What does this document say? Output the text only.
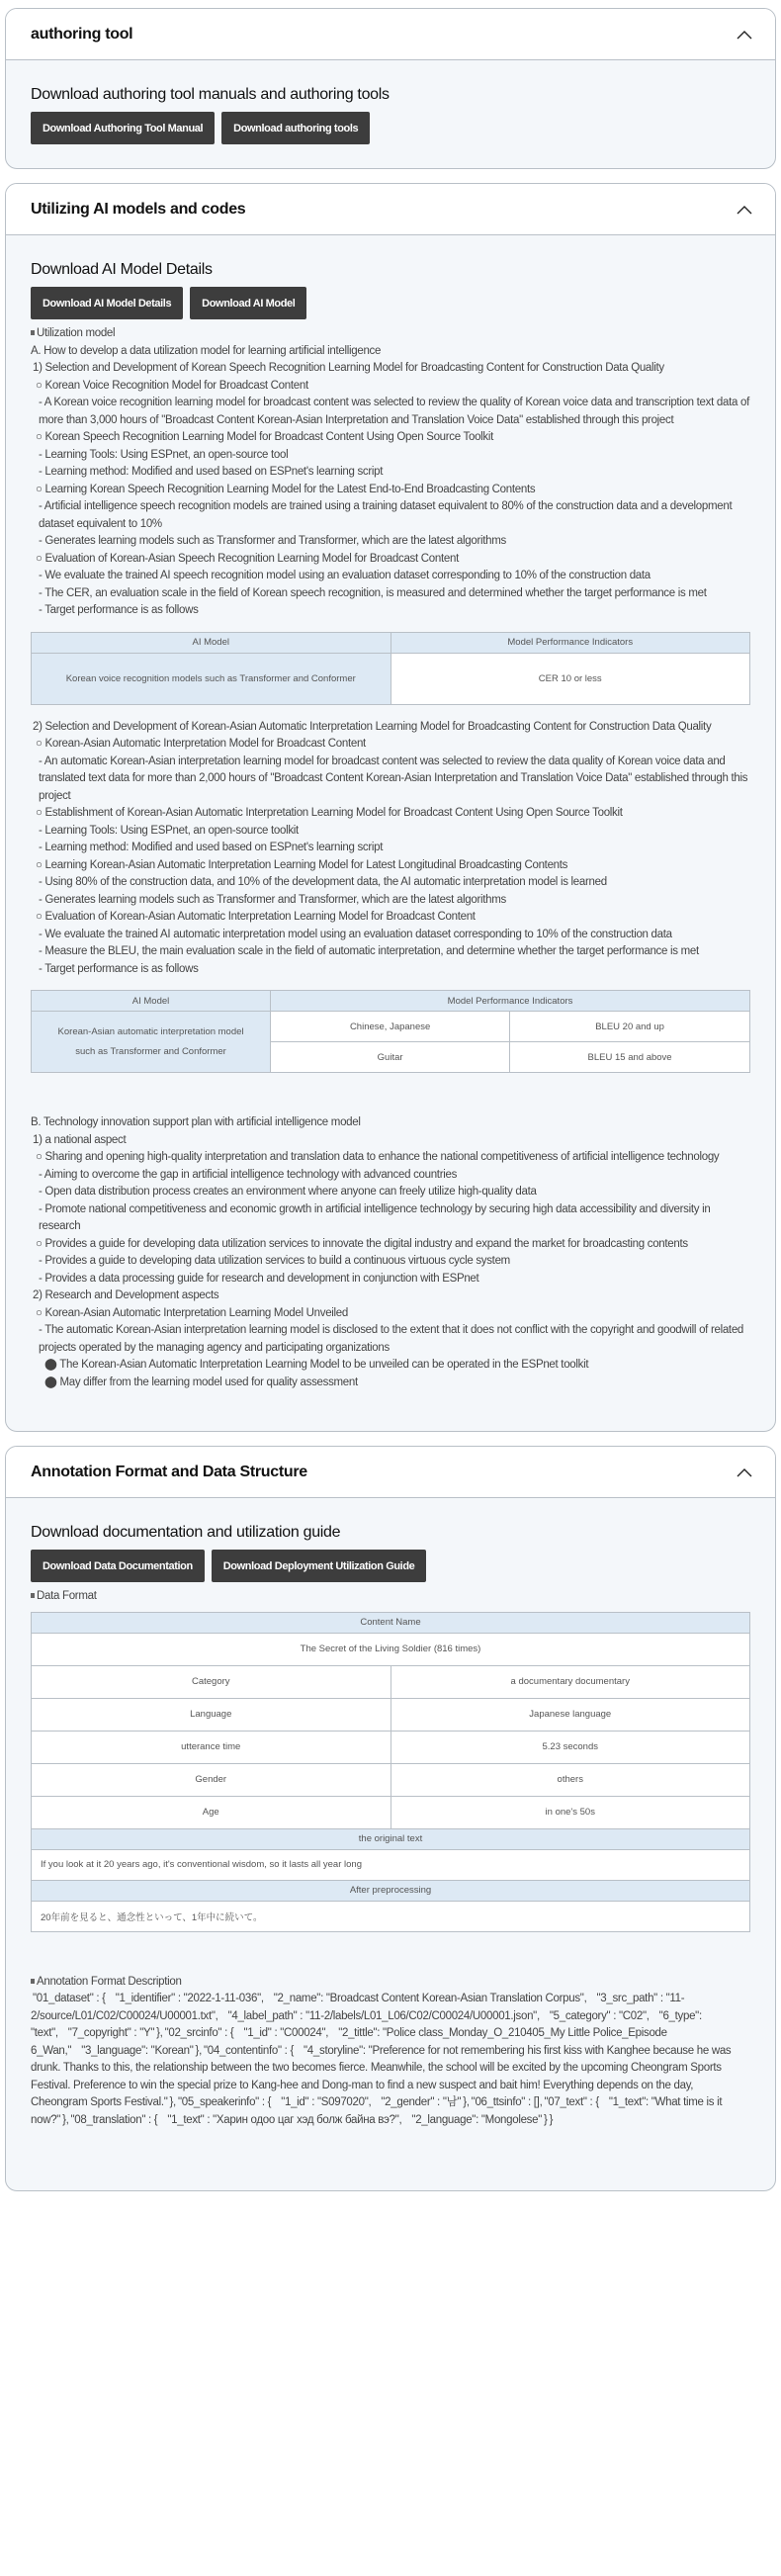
authoring tool
Download authoring tool manuals and authoring tools
Download Authoring Tool Manual	Download authoring tools
Utilizing AI models and codes
Download AI Model Details
Download AI Model Details	Download AI Model
Utilization model
A. How to develop a data utilization model for learning artificial intelligence
1) Selection and Development of Korean Speech Recognition Learning Model for Broadcasting Content for Construction Data Quality
○ Korean Voice Recognition Model for Broadcast Content
- A Korean voice recognition learning model for broadcast content was selected to review the quality of Korean voice data and transcription text data of more than 3,000 hours of "Broadcast Content Korean-Asian Interpretation and Translation Voice Data" established through this project
○ Korean Speech Recognition Learning Model for Broadcast Content Using Open Source Toolkit
- Learning Tools: Using ESPnet, an open-source tool
- Learning method: Modified and used based on ESPnet's learning script
○ Learning Korean Speech Recognition Learning Model for the Latest End-to-End Broadcasting Contents
- Artificial intelligence speech recognition models are trained using a training dataset equivalent to 80% of the construction data and a development dataset equivalent to 10%
- Generates learning models such as Transformer and Transformer, which are the latest algorithms
○ Evaluation of Korean-Asian Speech Recognition Learning Model for Broadcast Content
- We evaluate the trained AI speech recognition model using an evaluation dataset corresponding to 10% of the construction data
- The CER, an evaluation scale in the field of Korean speech recognition, is measured and determined whether the target performance is met
- Target performance is as follows
AI Model	Model Performance Indicators
Korean voice recognition models such as Transformer and Conformer	CER 10 or less
2) Selection and Development of Korean-Asian Automatic Interpretation Learning Model for Broadcasting Content for Construction Data Quality
○ Korean-Asian Automatic Interpretation Model for Broadcast Content
- An automatic Korean-Asian interpretation learning model for broadcast content was selected to review the data quality of Korean voice data and translated text data for more than 2,000 hours of "Broadcast Content Korean-Asian Interpretation and Translation Voice Data" established through this project
○ Establishment of Korean-Asian Automatic Interpretation Learning Model for Broadcast Content Using Open Source Toolkit
- Learning Tools: Using ESPnet, an open-source toolkit
- Learning method: Modified and used based on ESPnet's learning script
○ Learning Korean-Asian Automatic Interpretation Learning Model for Latest Longitudinal Broadcasting Contents
- Using 80% of the construction data, and 10% of the development data, the AI automatic interpretation model is learned
- Generates learning models such as Transformer and Transformer, which are the latest algorithms
○ Evaluation of Korean-Asian Automatic Interpretation Learning Model for Broadcast Content
- We evaluate the trained AI automatic interpretation model using an evaluation dataset corresponding to 10% of the construction data
- Measure the BLEU, the main evaluation scale in the field of automatic interpretation, and determine whether the target performance is met
- Target performance is as follows
AI Model	Model Performance Indicators	
Korean-Asian automatic interpretation model such as Transformer and Conformer	Chinese, Japanese	BLEU 20 and up
	Guitar	BLEU 15 and above
B. Technology innovation support plan with artificial intelligence model
1) a national aspect
○ Sharing and opening high-quality interpretation and translation data to enhance the national competitiveness of artificial intelligence technology
- Aiming to overcome the gap in artificial intelligence technology with advanced countries
- Open data distribution process creates an environment where anyone can freely utilize high-quality data
- Promote national competitiveness and economic growth in artificial intelligence technology by securing high data accessibility and diversity in research
○ Provides a guide for developing data utilization services to innovate the digital industry and expand the market for broadcasting contents
- Provides a guide to developing data utilization services to build a continuous virtuous cycle system
- Provides a data processing guide for research and development in conjunction with ESPnet
2) Research and Development aspects
○ Korean-Asian Automatic Interpretation Learning Model Unveiled
- The automatic Korean-Asian interpretation learning model is disclosed to the extent that it does not conflict with the copyright and goodwill of related projects operated by the managing agency and participating organizations
⬤ The Korean-Asian Automatic Interpretation Learning Model to be unveiled can be operated in the ESPnet toolkit
⬤ May differ from the learning model used for quality assessment
Annotation Format and Data Structure
Download documentation and utilization guide
Download Data Documentation	Download Deployment Utilization Guide
Data Format
Content Name	
The Secret of the Living Soldier (816 times)	
Category	a documentary documentary
Language	Japanese language
utterance time	5.23 seconds
Gender	others
Age	in one's 50s
the original text	
If you look at it 20 years ago, it's conventional wisdom, so it lasts all year long	
After preprocessing	
20年前を見ると、通念性といって、1年中に続いて。	
Annotation Format Description
"01_dataset" : { "1_identifier" : "2022-1-11-036", "2_name": "Broadcast Content Korean-Asian Translation Corpus", "3_src_path" : "11-2/source/L01/C02/C00024/U00001.txt", "4_label_path" : "11-2/labels/L01_L06/C02/C00024/U00001.json", "5_category" : "C02", "6_type": "text", "7_copyright" : "Y" }, "02_srcinfo" : { "1_id" : "C00024", "2_tittle": "Police class_Monday_O_210405_My Little Police_Episode 6_Wan," "3_language": "Korean" }, "04_contentinfo" : { "4_storyline": "Preference for not remembering his first kiss with Kanghee because he was drunk. Thanks to this, the relationship between the two becomes fierce. Meanwhile, the school will be excited by the upcoming Cheongram Sports Festival. Preference to win the special prize to Kang-hee and Dong-man to find a new suspect and bait him! Everything depends on the day, Cheongram Sports Festival." }, "05_speakerinfo" : { "1_id" : "S097020", "2_gender" : "남" }, "06_ttsinfo" : [], "07_text" : { "1_text": "What time is it now?" }, "08_translation" : { "1_text" : "Харин одоо цаг хэд болж байна вэ?", "2_language": "Mongolese" } }
